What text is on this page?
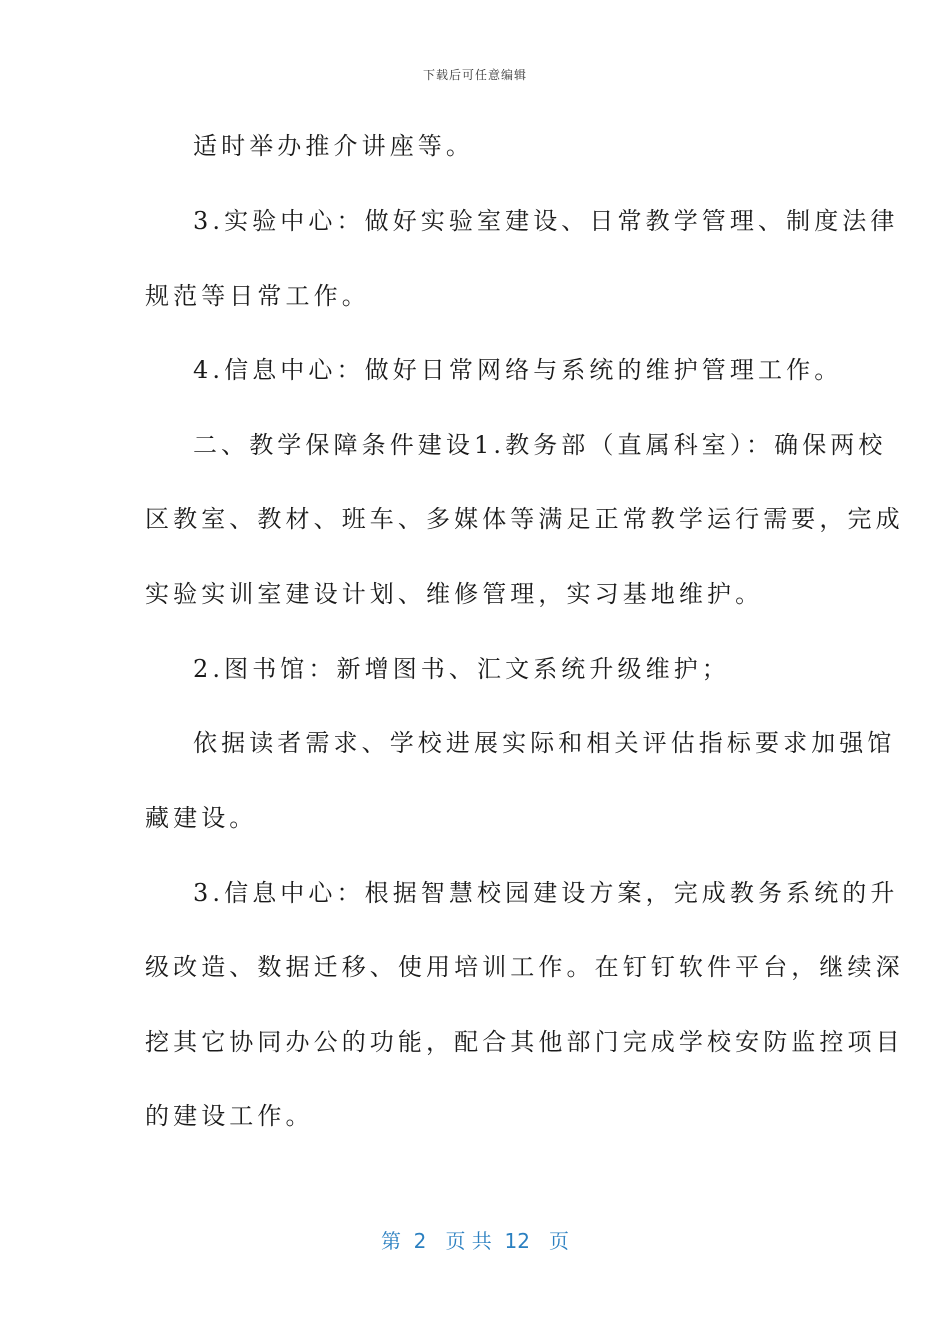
下载后可任意编辑
适时举办推介讲座等。
3.实验中心：做好实验室建设、日常教学管理、制度法律
规范等日常工作。
4.信息中心：做好日常网络与系统的维护管理工作。
二、教学保障条件建设1.教务部（直属科室）：确保两校
区教室、教材、班车、多媒体等满足正常教学运行需要，完成
实验实训室建设计划、维修管理，实习基地维护。
2.图书馆：新增图书、汇文系统升级维护；
依据读者需求、学校进展实际和相关评估指标要求加强馆
藏建设。
3.信息中心：根据智慧校园建设方案，完成教务系统的升
级改造、数据迁移、使用培训工作。在钉钉软件平台，继续深
挖其它协同办公的功能，配合其他部门完成学校安防监控项目
的建设工作。
第  2   页 共  12   页
